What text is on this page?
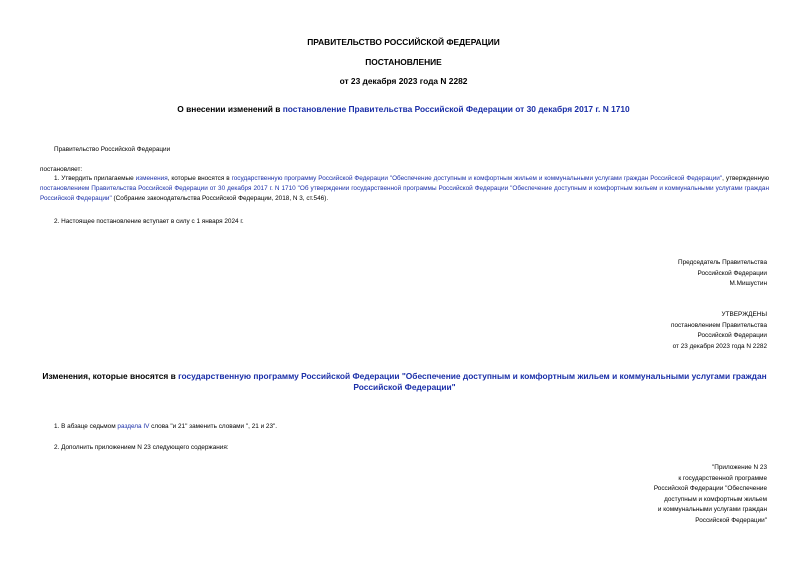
ПРАВИТЕЛЬСТВО РОССИЙСКОЙ ФЕДЕРАЦИИ
ПОСТАНОВЛЕНИЕ
от 23 декабря 2023 года N 2282
О внесении изменений в постановление Правительства Российской Федерации от 30 декабря 2017 г. N 1710
Правительство Российской Федерации
постановляет:
1. Утвердить прилагаемые изменения, которые вносятся в государственную программу Российской Федерации "Обеспечение доступным и комфортным жильем и коммунальными услугами граждан Российской Федерации", утвержденную постановлением Правительства Российской Федерации от 30 декабря 2017 г. N 1710 "Об утверждении государственной программы Российской Федерации "Обеспечение доступным и комфортным жильем и коммунальными услугами граждан Российской Федерации" (Собрание законодательства Российской Федерации, 2018, N 3, ст.546).
2. Настоящее постановление вступает в силу с 1 января 2024 г.
Председатель Правительства
Российской Федерации
М.Мишустин
УТВЕРЖДЕНЫ
постановлением Правительства
Российской Федерации
от 23 декабря 2023 года N 2282
Изменения, которые вносятся в государственную программу Российской Федерации "Обеспечение доступным и комфортным жильем и коммунальными услугами граждан Российской Федерации"
1. В абзаце седьмом раздела IV слова "и 21" заменить словами ", 21 и 23".
2. Дополнить приложением N 23 следующего содержания:
"Приложение N 23
к государственной программе
Российской Федерации "Обеспечение
доступным и комфортным жильем
и коммунальными услугами граждан
Российской Федерации"
